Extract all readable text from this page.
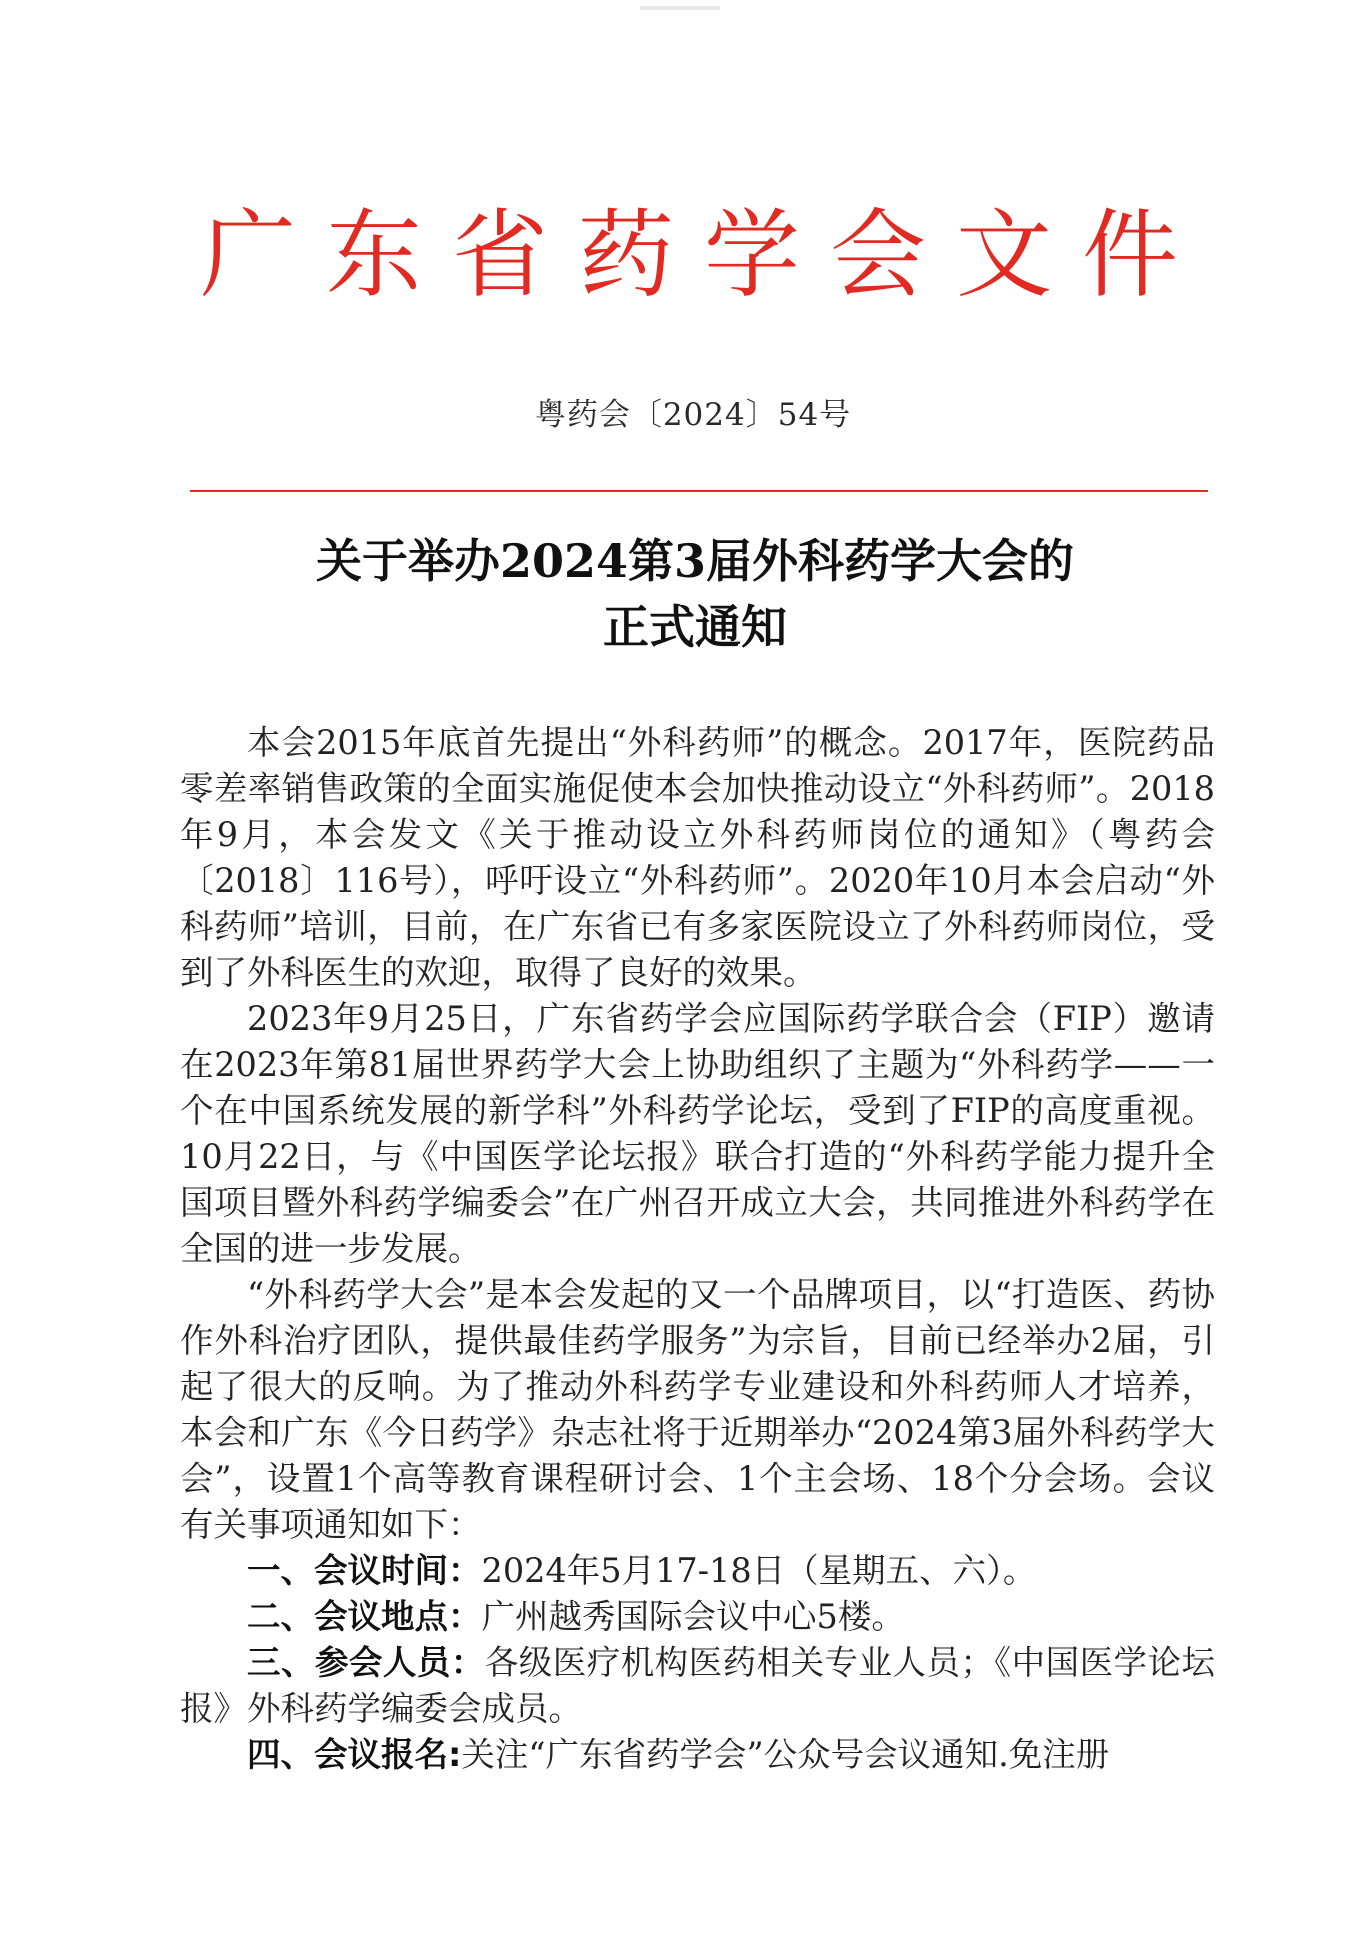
广东省药学会文件
粤药会〔2024〕54号
关于举办2024第3届外科药学大会的
正式通知

本会2015年底首先提出“外科药师”的概念。2017年，医院药品零差率销售政策的全面实施促使本会加快推动设立“外科药师”。2018年9月，本会发文《关于推动设立外科药师岗位的通知》（粤药会〔2018〕116号），呼吁设立“外科药师”。2020年10月本会启动“外科药师”培训，目前，在广东省已有多家医院设立了外科药师岗位，受到了外科医生的欢迎，取得了良好的效果。

2023年9月25日，广东省药学会应国际药学联合会（FIP）邀请在2023年第81届世界药学大会上协助组织了主题为“外科药学——一个在中国系统发展的新学科”外科药学论坛，受到了FIP的高度重视。10月22日，与《中国医学论坛报》联合打造的“外科药学能力提升全国项目暨外科药学编委会”在广州召开成立大会，共同推进外科药学在全国的进一步发展。

“外科药学大会”是本会发起的又一个品牌项目，以“打造医、药协作外科治疗团队，提供最佳药学服务”为宗旨，目前已经举办2届，引起了很大的反响。为了推动外科药学专业建设和外科药师人才培养，本会和广东《今日药学》杂志社将于近期举办“2024第3届外科药学大会”，设置1个高等教育课程研讨会、1个主会场、18个分会场。会议有关事项通知如下：

一、会议时间：2024年5月17-18日（星期五、六）。

二、会议地点：广州越秀国际会议中心5楼。

三、参会人员：各级医疗机构医药相关专业人员；《中国医学论坛报》外科药学编委会成员。

四、会议报名:关注“广东省药学会”公众号会议通知.免注册
